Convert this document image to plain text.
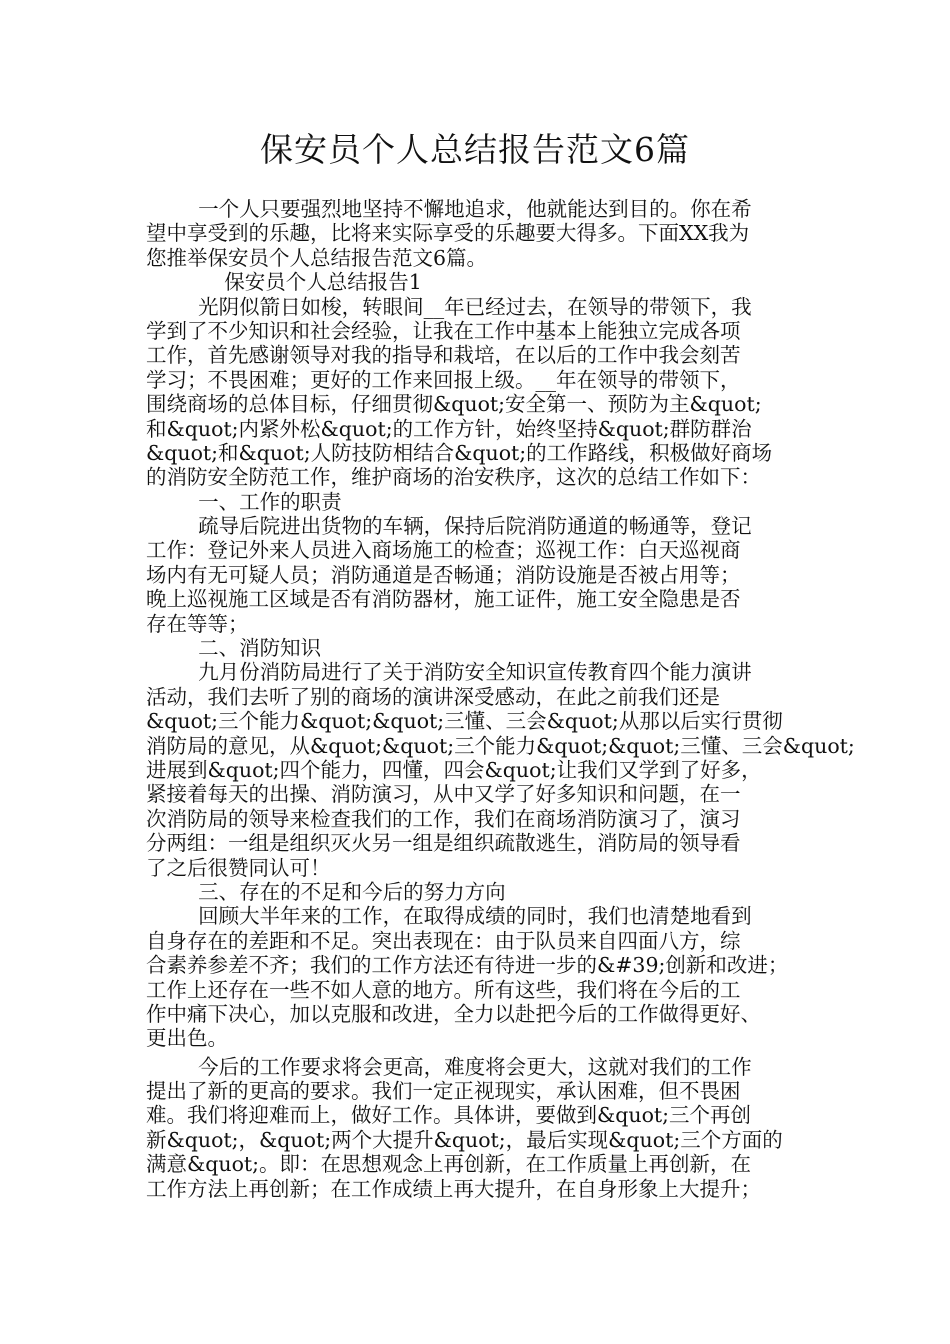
保安员个人总结报告范文6篇
一个人只要强烈地坚持不懈地追求，他就能达到目的。你在希
望中享受到的乐趣，比将来实际享受的乐趣要大得多。下面XX我为
您推举保安员个人总结报告范文6篇。
保安员个人总结报告1
光阴似箭日如梭，转眼间__年已经过去，在领导的带领下，我
学到了不少知识和社会经验，让我在工作中基本上能独立完成各项
工作，首先感谢领导对我的指导和栽培，在以后的工作中我会刻苦
学习；不畏困难；更好的工作来回报上级。__年在领导的带领下，
围绕商场的总体目标，仔细贯彻&quot;安全第一、预防为主&quot;
和&quot;内紧外松&quot;的工作方针，始终坚持&quot;群防群治
&quot;和&quot;人防技防相结合&quot;的工作路线，积极做好商场
的消防安全防范工作，维护商场的治安秩序，这次的总结工作如下：
一、工作的职责
疏导后院进出货物的车辆，保持后院消防通道的畅通等，登记
工作：登记外来人员进入商场施工的检查；巡视工作：白天巡视商
场内有无可疑人员；消防通道是否畅通；消防设施是否被占用等；
晚上巡视施工区域是否有消防器材，施工证件，施工安全隐患是否
存在等等；
二、消防知识
九月份消防局进行了关于消防安全知识宣传教育四个能力演讲
活动，我们去听了别的商场的演讲深受感动，在此之前我们还是
&quot;三个能力&quot;&quot;三懂、三会&quot;从那以后实行贯彻
消防局的意见，从&quot;&quot;三个能力&quot;&quot;三懂、三会&quot;
进展到&quot;四个能力，四懂，四会&quot;让我们又学到了好多，
紧接着每天的出操、消防演习，从中又学了好多知识和问题，在一
次消防局的领导来检查我们的工作，我们在商场消防演习了，演习
分两组：一组是组织灭火另一组是组织疏散逃生，消防局的领导看
了之后很赞同认可！
三、存在的不足和今后的努力方向
回顾大半年来的工作，在取得成绩的同时，我们也清楚地看到
自身存在的差距和不足。突出表现在：由于队员来自四面八方，综
合素养参差不齐；我们的工作方法还有待进一步的&#39;创新和改进；
工作上还存在一些不如人意的地方。所有这些，我们将在今后的工
作中痛下决心，加以克服和改进，全力以赴把今后的工作做得更好、
更出色。
今后的工作要求将会更高，难度将会更大，这就对我们的工作
提出了新的更高的要求。我们一定正视现实，承认困难，但不畏困
难。我们将迎难而上，做好工作。具体讲，要做到&quot;三个再创
新&quot;，&quot;两个大提升&quot;，最后实现&quot;三个方面的
满意&quot;。即：在思想观念上再创新，在工作质量上再创新，在
工作方法上再创新；在工作成绩上再大提升，在自身形象上大提升；
